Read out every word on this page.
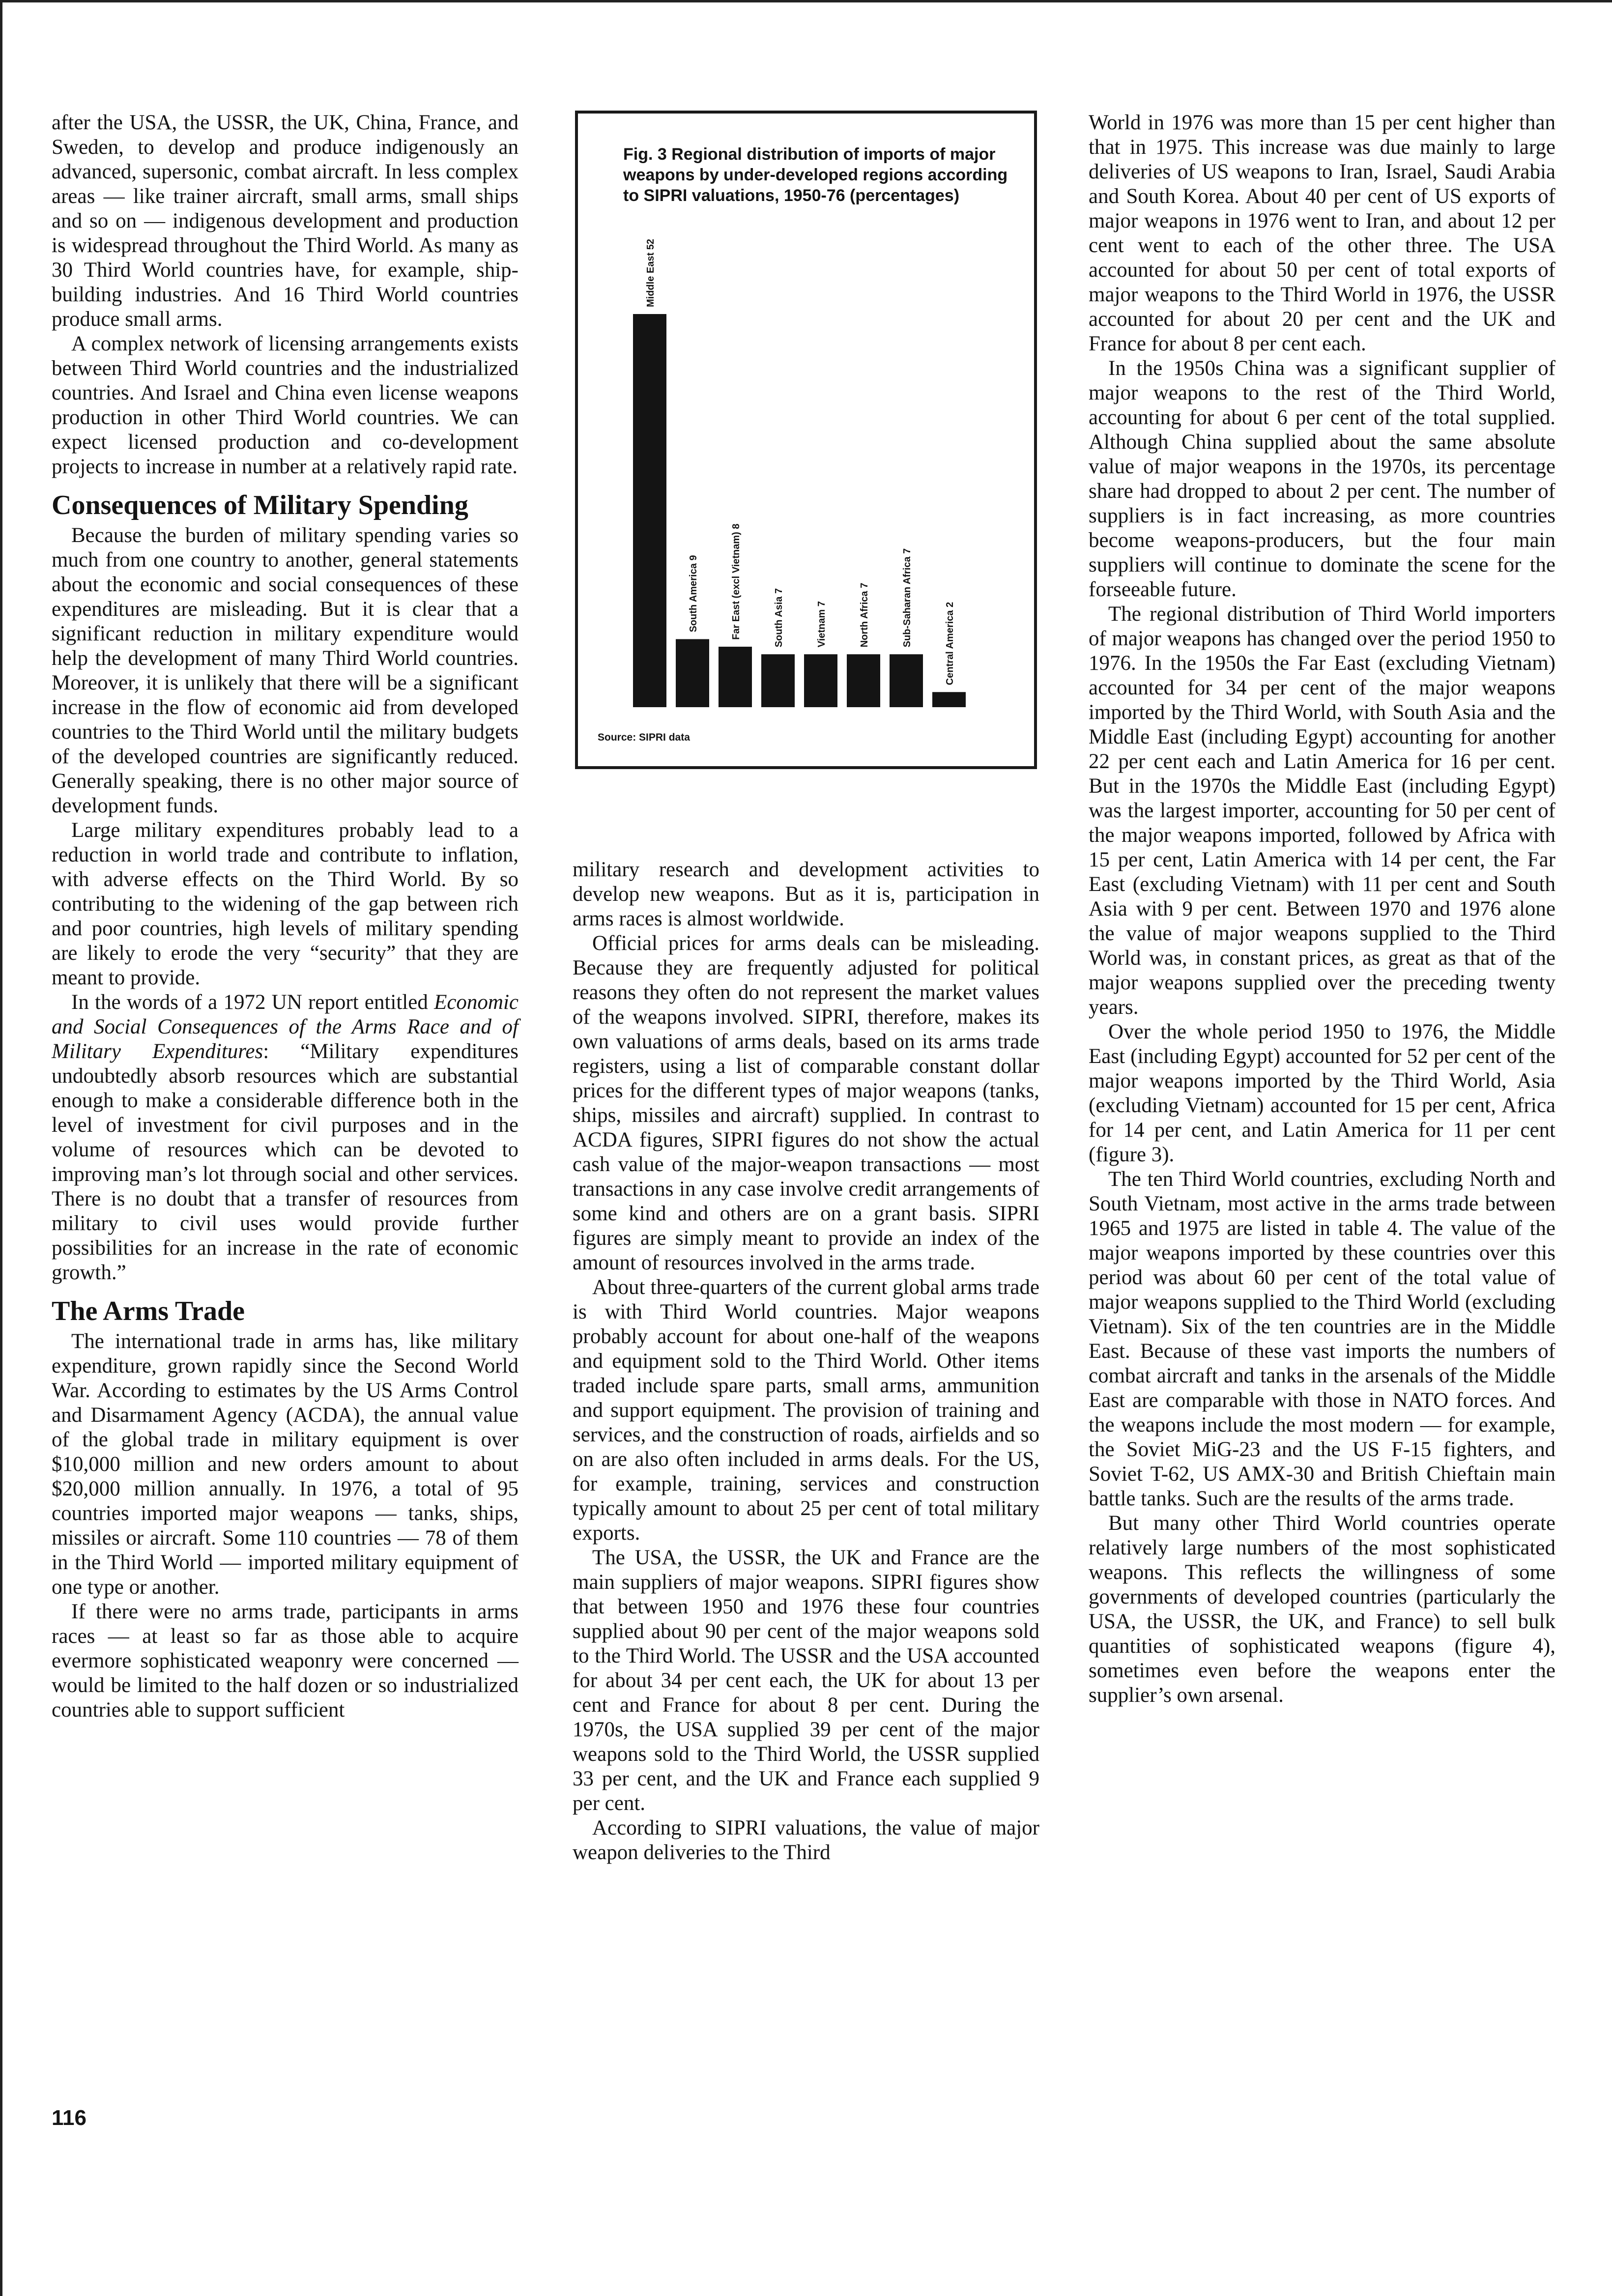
after the USA, the USSR, the UK, China, France, and Sweden, to develop and produce indigenously an advanced, supersonic, combat aircraft. In less complex areas — like trainer aircraft, small arms, small ships and so on — indigenous development and production is widespread throughout the Third World. As many as 30 Third World countries have, for example, ship-building industries. And 16 Third World countries produce small arms.

A complex network of licensing arrangements exists between Third World countries and the industrialized countries. And Israel and China even license weapons production in other Third World countries. We can expect licensed production and co-development projects to increase in number at a relatively rapid rate.

Consequences of Military Spending

Because the burden of military spending varies so much from one country to another, general statements about the economic and social consequences of these expenditures are misleading. But it is clear that a significant reduction in military expenditure would help the development of many Third World countries. Moreover, it is unlikely that there will be a significant increase in the flow of economic aid from developed countries to the Third World until the military budgets of the developed countries are significantly reduced. Generally speaking, there is no other major source of development funds.

Large military expenditures probably lead to a reduction in world trade and contribute to inflation, with adverse effects on the Third World. By so contributing to the widening of the gap between rich and poor countries, high levels of military spending are likely to erode the very “security” that they are meant to provide.

In the words of a 1972 UN report entitled Economic and Social Consequences of the Arms Race and of Military Expenditures: “Military expenditures undoubtedly absorb resources which are substantial enough to make a considerable difference both in the level of investment for civil purposes and in the volume of resources which can be devoted to improving man’s lot through social and other services. There is no doubt that a transfer of resources from military to civil uses would provide further possibilities for an increase in the rate of economic growth.”

The Arms Trade

The international trade in arms has, like military expenditure, grown rapidly since the Second World War. According to estimates by the US Arms Control and Disarmament Agency (ACDA), the annual value of the global trade in military equipment is over $10,000 million and new orders amount to about $20,000 million annually. In 1976, a total of 95 countries imported major weapons — tanks, ships, missiles or aircraft. Some 110 countries — 78 of them in the Third World — imported military equipment of one type or another.

If there were no arms trade, participants in arms races — at least so far as those able to acquire evermore sophisticated weaponry were concerned — would be limited to the half dozen or so industrialized countries able to support sufficient

Fig. 3 Regional distribution of imports of major weapons by under-developed regions according to SIPRI valuations, 1950-76 (percentages)
Middle East 52
South America 9	Far East (excl Vietnam) 8	South Asia 7	Vietnam 7	North Africa 7	Sub-Saharan Africa 7	Central America 2
Source: SIPRI data

military research and development activities to develop new weapons. But as it is, participation in arms races is almost worldwide.

Official prices for arms deals can be misleading. Because they are frequently adjusted for political reasons they often do not represent the market values of the weapons involved. SIPRI, therefore, makes its own valuations of arms deals, based on its arms trade registers, using a list of comparable constant dollar prices for the different types of major weapons (tanks, ships, missiles and aircraft) supplied. In contrast to ACDA figures, SIPRI figures do not show the actual cash value of the major-weapon transactions — most transactions in any case involve credit arrangements of some kind and others are on a grant basis. SIPRI figures are simply meant to provide an index of the amount of resources involved in the arms trade.

About three-quarters of the current global arms trade is with Third World countries. Major weapons probably account for about one-half of the weapons and equipment sold to the Third World. Other items traded include spare parts, small arms, ammunition and support equipment. The provision of training and services, and the construction of roads, airfields and so on are also often included in arms deals. For the US, for example, training, services and construction typically amount to about 25 per cent of total military exports.

The USA, the USSR, the UK and France are the main suppliers of major weapons. SIPRI figures show that between 1950 and 1976 these four countries supplied about 90 per cent of the major weapons sold to the Third World. The USSR and the USA accounted for about 34 per cent each, the UK for about 13 per cent and France for about 8 per cent. During the 1970s, the USA supplied 39 per cent of the major weapons sold to the Third World, the USSR supplied 33 per cent, and the UK and France each supplied 9 per cent.

According to SIPRI valuations, the value of major weapon deliveries to the Third

World in 1976 was more than 15 per cent higher than that in 1975. This increase was due mainly to large deliveries of US weapons to Iran, Israel, Saudi Arabia and South Korea. About 40 per cent of US exports of major weapons in 1976 went to Iran, and about 12 per cent went to each of the other three. The USA accounted for about 50 per cent of total exports of major weapons to the Third World in 1976, the USSR accounted for about 20 per cent and the UK and France for about 8 per cent each.

In the 1950s China was a significant supplier of major weapons to the rest of the Third World, accounting for about 6 per cent of the total supplied. Although China supplied about the same absolute value of major weapons in the 1970s, its percentage share had dropped to about 2 per cent. The number of suppliers is in fact increasing, as more countries become weapons-producers, but the four main suppliers will continue to dominate the scene for the forseeable future.

The regional distribution of Third World importers of major weapons has changed over the period 1950 to 1976. In the 1950s the Far East (excluding Vietnam) accounted for 34 per cent of the major weapons imported by the Third World, with South Asia and the Middle East (including Egypt) accounting for another 22 per cent each and Latin America for 16 per cent. But in the 1970s the Middle East (including Egypt) was the largest importer, accounting for 50 per cent of the major weapons imported, followed by Africa with 15 per cent, Latin America with 14 per cent, the Far East (excluding Vietnam) with 11 per cent and South Asia with 9 per cent. Between 1970 and 1976 alone the value of major weapons supplied to the Third World was, in constant prices, as great as that of the major weapons supplied over the preceding twenty years.

Over the whole period 1950 to 1976, the Middle East (including Egypt) accounted for 52 per cent of the major weapons imported by the Third World, Asia (excluding Vietnam) accounted for 15 per cent, Africa for 14 per cent, and Latin America for 11 per cent (figure 3).

The ten Third World countries, excluding North and South Vietnam, most active in the arms trade between 1965 and 1975 are listed in table 4. The value of the major weapons imported by these countries over this period was about 60 per cent of the total value of major weapons supplied to the Third World (excluding Vietnam). Six of the ten countries are in the Middle East. Because of these vast imports the numbers of combat aircraft and tanks in the arsenals of the Middle East are comparable with those in NATO forces. And the weapons include the most modern — for example, the Soviet MiG-23 and the US F-15 fighters, and Soviet T-62, US AMX-30 and British Chieftain main battle tanks. Such are the results of the arms trade.

But many other Third World countries operate relatively large numbers of the most sophisticated weapons. This reflects the willingness of some governments of developed countries (particularly the USA, the USSR, the UK, and France) to sell bulk quantities of sophisticated weapons (figure 4), sometimes even before the weapons enter the supplier’s own arsenal.

116
